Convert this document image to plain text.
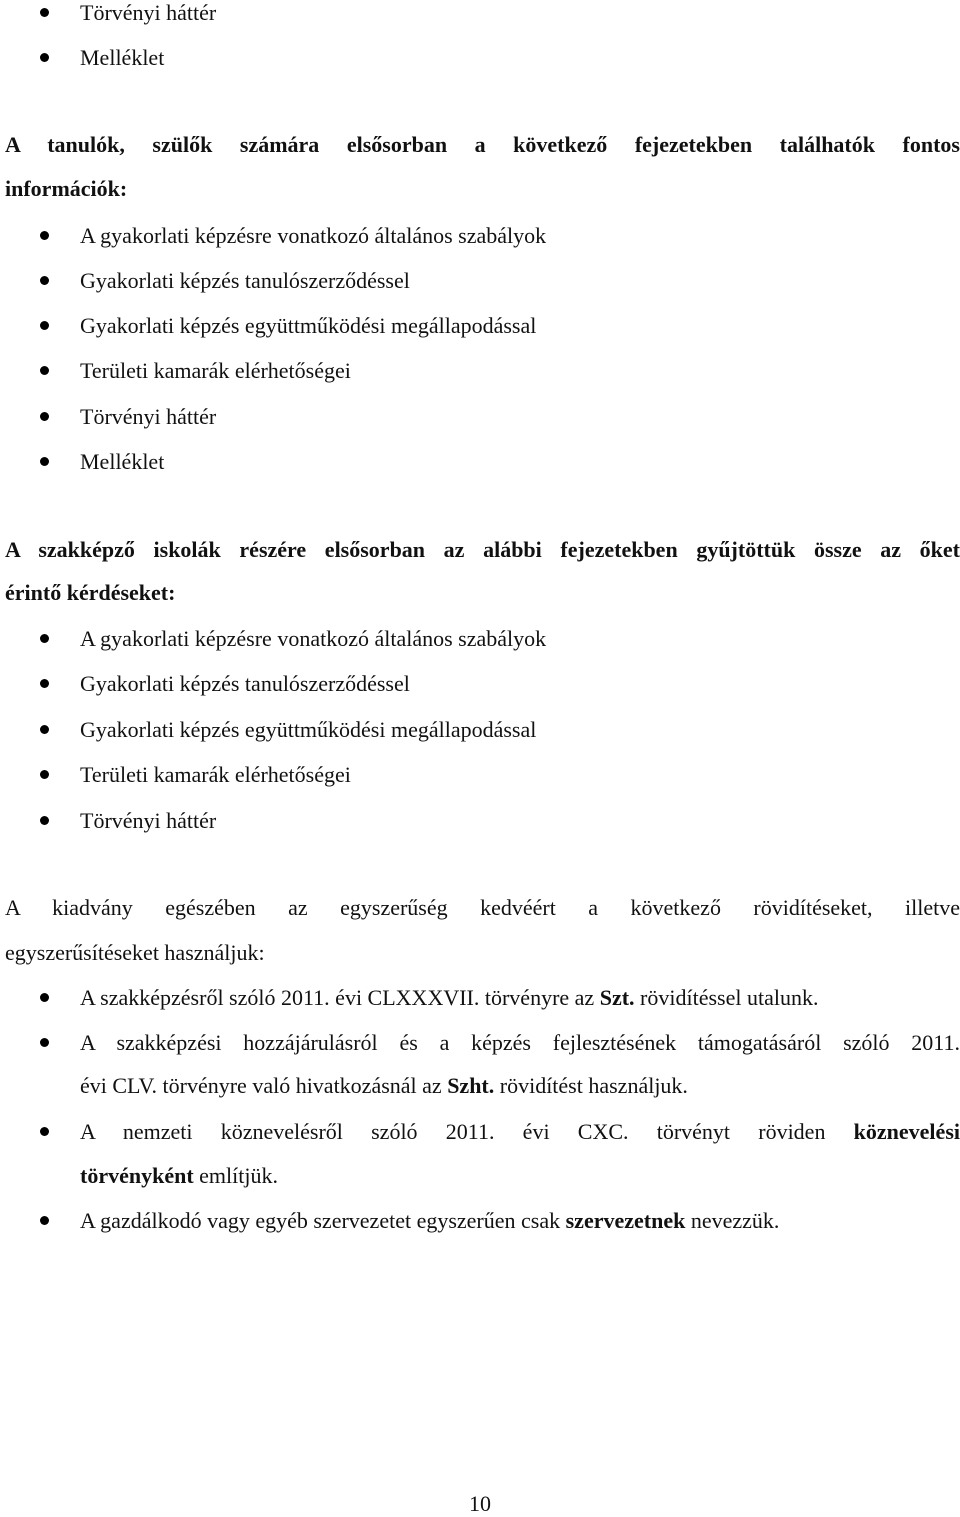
Törvényi háttér
Melléklet
A tanulók, szülők számára elsősorban a következő fejezetekben találhatók fontos
információk:
A gyakorlati képzésre vonatkozó általános szabályok
Gyakorlati képzés tanulószerződéssel
Gyakorlati képzés együttműködési megállapodással
Területi kamarák elérhetőségei
Törvényi háttér
Melléklet
A szakképző iskolák részére elsősorban az alábbi fejezetekben gyűjtöttük össze az őket
érintő kérdéseket:
A gyakorlati képzésre vonatkozó általános szabályok
Gyakorlati képzés tanulószerződéssel
Gyakorlati képzés együttműködési megállapodással
Területi kamarák elérhetőségei
Törvényi háttér
A kiadvány egészében az egyszerűség kedvéért a következő rövidítéseket, illetve
egyszerűsítéseket használjuk:
A szakképzésről szóló 2011. évi CLXXXVII. törvényre az Szt. rövidítéssel utalunk.
A szakképzési hozzájárulásról és a képzés fejlesztésének támogatásáról szóló 2011.
évi CLV. törvényre való hivatkozásnál az Szht. rövidítést használjuk.
A nemzeti köznevelésről szóló 2011. évi CXC. törvényt röviden köznevelési
törvényként említjük.
A gazdálkodó vagy egyéb szervezetet egyszerűen csak szervezetnek nevezzük.
10
